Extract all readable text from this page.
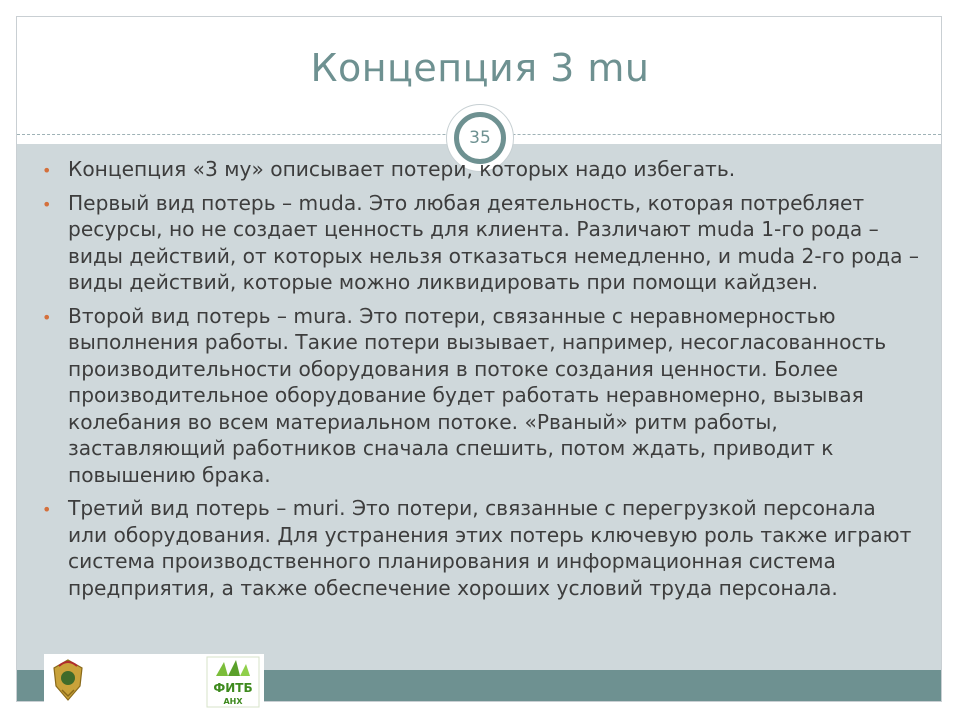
Концепция 3 mu
35
• Концепция «3 му» описывает потери, которых надо избегать.
• Первый вид потерь – muda. Это любая деятельность, которая потребляет ресурсы, но не создает ценность для клиента. Различают muda 1-го рода – виды действий, от которых нельзя отказаться немедленно, и muda 2-го рода – виды действий, которые можно ликвидировать при помощи кайдзен.
• Второй вид потерь – mura. Это потери, связанные с неравномерностью выполнения работы. Такие потери вызывает, например, несогласованность производительности оборудования в потоке создания ценности. Более производительное оборудование будет работать неравномерно, вызывая колебания во всем материальном потоке. «Рваный» ритм работы, заставляющий работников сначала спешить, потом ждать, приводит к повышению брака.
• Третий вид потерь – muri. Это потери, связанные с перегрузкой персонала или оборудования. Для устранения этих потерь ключевую роль также играют система производственного планирования и информационная система предприятия, а также обеспечение хороших условий труда персонала.
ФИТБ
АНХ
